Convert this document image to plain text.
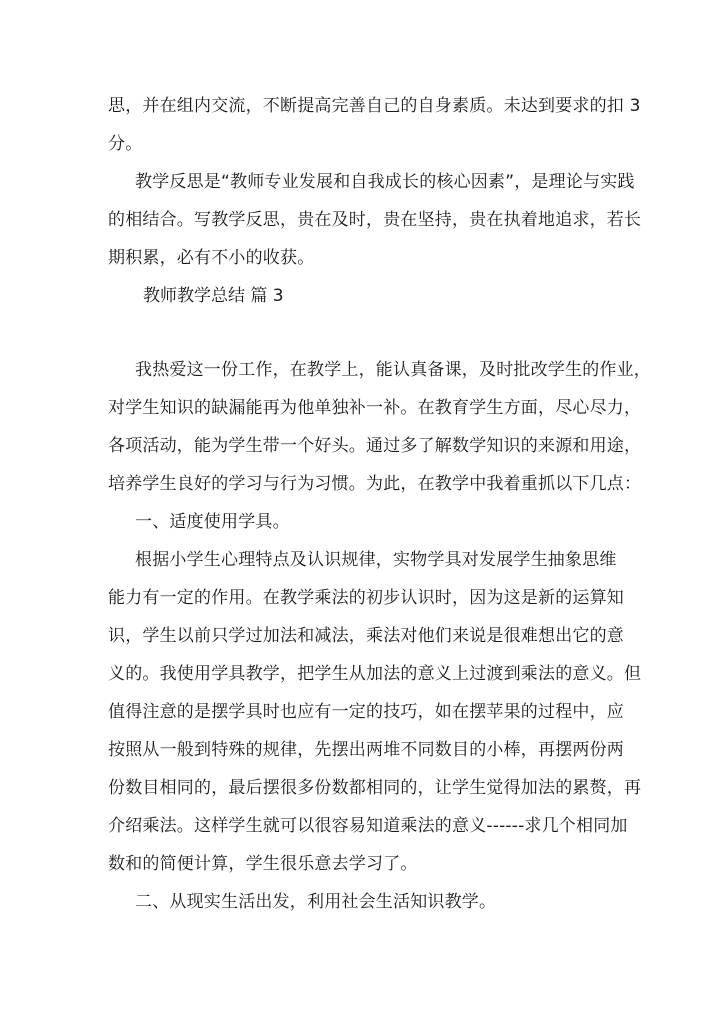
思，并在组内交流，不断提高完善自己的自身素质。未达到要求的扣 3
分。
教学反思是“教师专业发展和自我成长的核心因素”，是理论与实践
的相结合。写教学反思，贵在及时，贵在坚持，贵在执着地追求，若长
期积累，必有不小的收获。
教师教学总结 篇 3
我热爱这一份工作，在教学上，能认真备课，及时批改学生的作业，
对学生知识的缺漏能再为他单独补一补。在教育学生方面，尽心尽力，
各项活动，能为学生带一个好头。通过多了解数学知识的来源和用途，
培养学生良好的学习与行为习惯。为此，在教学中我着重抓以下几点：
一、适度使用学具。
根据小学生心理特点及认识规律，实物学具对发展学生抽象思维
能力有一定的作用。在教学乘法的初步认识时，因为这是新的运算知
识，学生以前只学过加法和减法，乘法对他们来说是很难想出它的意
义的。我使用学具教学，把学生从加法的意义上过渡到乘法的意义。但
值得注意的是摆学具时也应有一定的技巧，如在摆苹果的过程中，应
按照从一般到特殊的规律，先摆出两堆不同数目的小棒，再摆两份两
份数目相同的，最后摆很多份数都相同的，让学生觉得加法的累赘，再
介绍乘法。这样学生就可以很容易知道乘法的意义------求几个相同加
数和的简便计算，学生很乐意去学习了。
二、从现实生活出发，利用社会生活知识教学。
